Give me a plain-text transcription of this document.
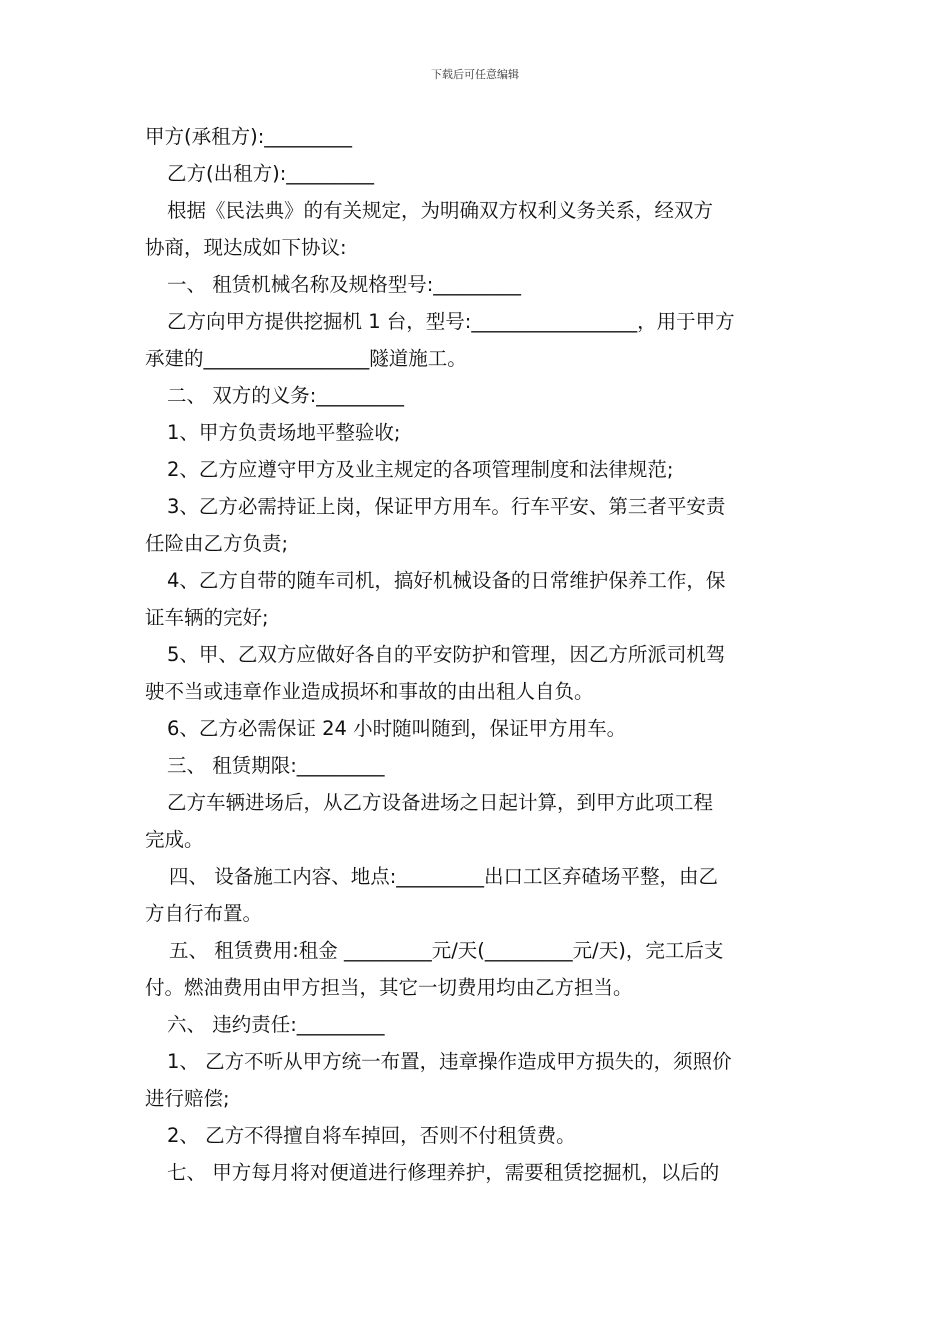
下载后可任意编辑
甲方(承租方):_________
乙方(出租方):_________
根据《民法典》的有关规定，为明确双方权利义务关系，经双方
协商，现达成如下协议:
一、 租赁机械名称及规格型号:_________
乙方向甲方提供挖掘机 1 台，型号:_________________，用于甲方
承建的_________________隧道施工。
二、 双方的义务:_________
1、甲方负责场地平整验收;
2、乙方应遵守甲方及业主规定的各项管理制度和法律规范;
3、乙方必需持证上岗，保证甲方用车。行车平安、第三者平安责
任险由乙方负责;
4、乙方自带的随车司机，搞好机械设备的日常维护保养工作，保
证车辆的完好;
5、甲、乙双方应做好各自的平安防护和管理，因乙方所派司机驾
驶不当或违章作业造成损坏和事故的由出租人自负。
6、乙方必需保证 24 小时随叫随到，保证甲方用车。
三、 租赁期限:_________
乙方车辆进场后，从乙方设备进场之日起计算，到甲方此项工程
完成。
四、 设备施工内容、地点:_________出口工区弃碴场平整，由乙
方自行布置。
五、 租赁费用:租金 _________元/天(_________元/天)，完工后支
付。燃油费用由甲方担当，其它一切费用均由乙方担当。
六、 违约责任:_________
1、 乙方不听从甲方统一布置，违章操作造成甲方损失的，须照价
进行赔偿;
2、 乙方不得擅自将车掉回，否则不付租赁费。
七、 甲方每月将对便道进行修理养护，需要租赁挖掘机，以后的
